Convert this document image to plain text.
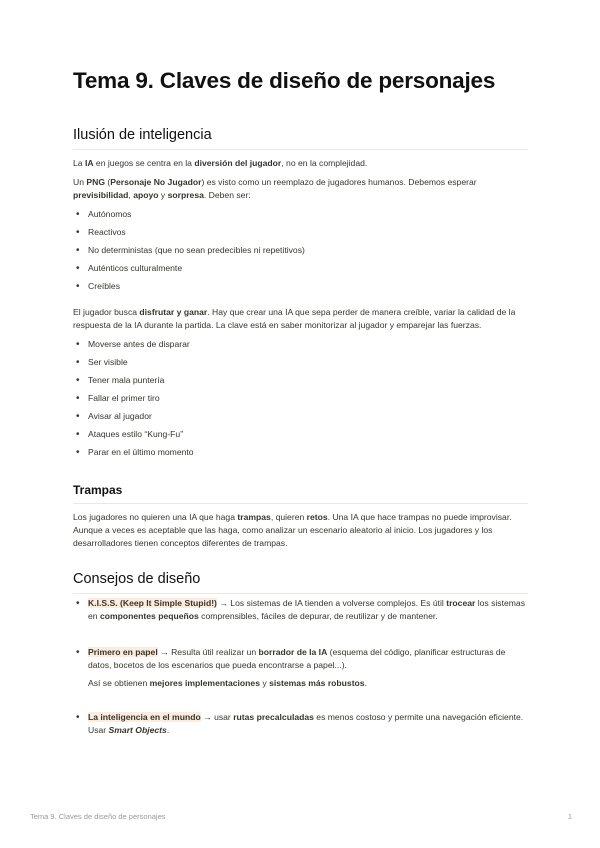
Tema 9. Claves de diseño de personajes
Ilusión de inteligencia

La IA en juegos se centra en la diversión del jugador, no en la complejidad.

Un PNG (Personaje No Jugador) es visto como un reemplazo de jugadores humanos. Debemos esperar previsibilidad, apoyo y sorpresa. Deben ser:

• Autónomos
• Reactivos
• No deterministas (que no sean predecibles ni repetitivos)
• Auténticos culturalmente
• Creíbles

El jugador busca disfrutar y ganar. Hay que crear una IA que sepa perder de manera creíble, variar la calidad de la respuesta de la IA durante la partida. La clave está en saber monitorizar al jugador y emparejar las fuerzas.

• Moverse antes de disparar
• Ser visible
• Tener mala puntería
• Fallar el primer tiro
• Avisar al jugador
• Ataques estilo “Kung-Fu”
• Parar en el último momento
Trampas

Los jugadores no quieren una IA que haga trampas, quieren retos. Una IA que hace trampas no puede improvisar. Aunque a veces es aceptable que las haga, como analizar un escenario aleatorio al inicio. Los jugadores y los desarrolladores tienen conceptos diferentes de trampas.

Consejos de diseño
• K.I.S.S. (Keep It Simple Stupid!) → Los sistemas de IA tienden a volverse complejos. Es útil trocear los sistemas en componentes pequeños comprensibles, fáciles de depurar, de reutilizar y de mantener.
• Primero en papel → Resulta útil realizar un borrador de la IA (esquema del código, planificar estructuras de datos, bocetos de los escenarios que pueda encontrarse a papel...).

Así se obtienen mejores implementaciones y sistemas más robustos.

• La inteligencia en el mundo → usar rutas precalculadas es menos costoso y permite una navegación eficiente. Usar Smart Objects.
Tema 9. Claves de diseño de personajes	1
